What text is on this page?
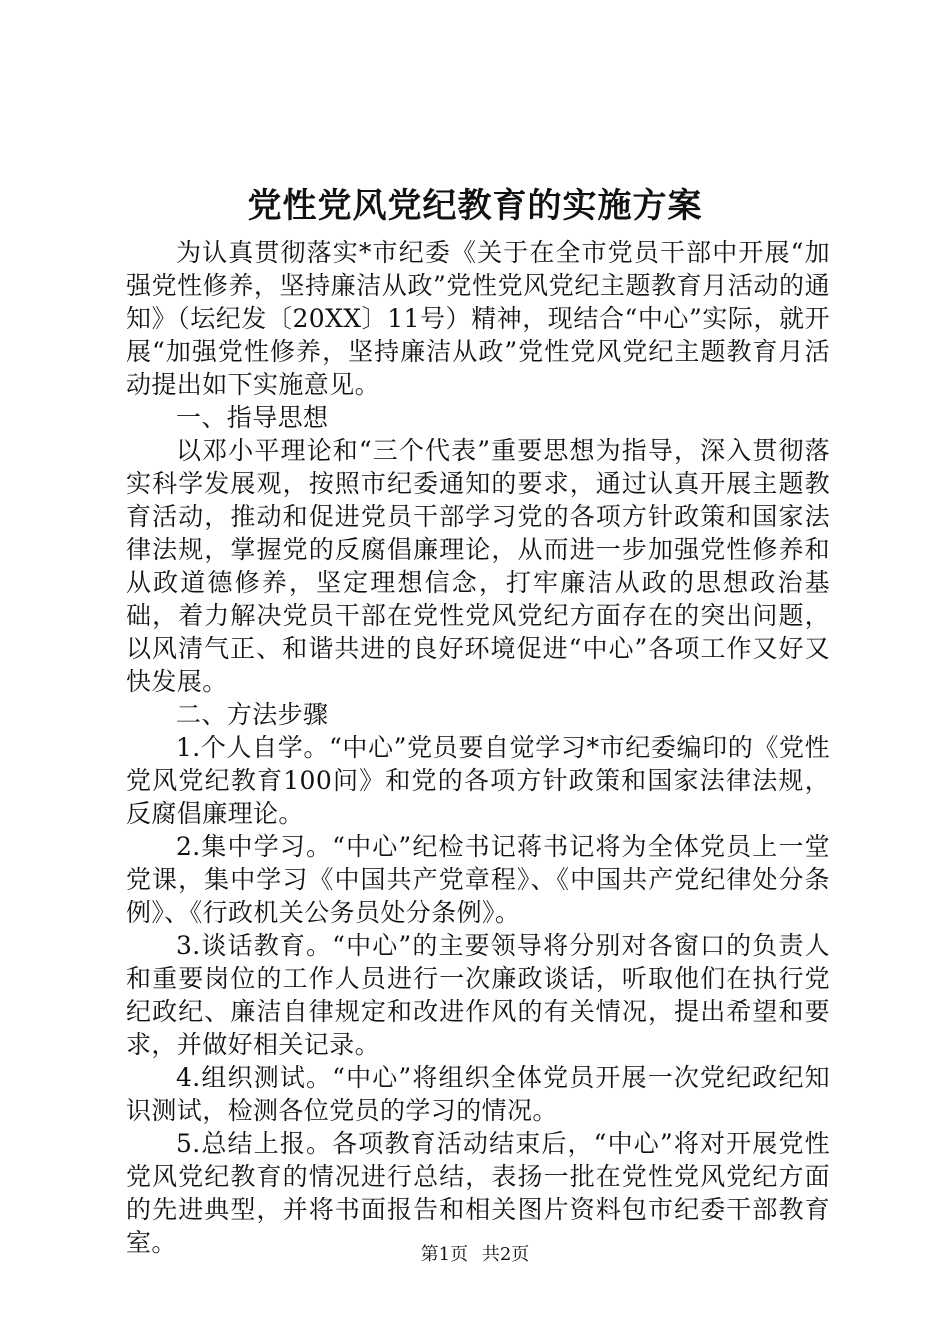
党性党风党纪教育的实施方案

为认真贯彻落实*市纪委《关于在全市党员干部中开展“加强党性修养，坚持廉洁从政”党性党风党纪主题教育月活动的通知》（坛纪发〔20XX〕11号）精神，现结合“中心”实际，就开展“加强党性修养，坚持廉洁从政”党性党风党纪主题教育月活动提出如下实施意见。

一、指导思想

以邓小平理论和“三个代表”重要思想为指导，深入贯彻落实科学发展观，按照市纪委通知的要求，通过认真开展主题教育活动，推动和促进党员干部学习党的各项方针政策和国家法律法规，掌握党的反腐倡廉理论，从而进一步加强党性修养和从政道德修养，坚定理想信念，打牢廉洁从政的思想政治基础，着力解决党员干部在党性党风党纪方面存在的突出问题，以风清气正、和谐共进的良好环境促进“中心”各项工作又好又快发展。

二、方法步骤

1.个人自学。“中心”党员要自觉学习*市纪委编印的《党性党风党纪教育100问》和党的各项方针政策和国家法律法规，反腐倡廉理论。

2.集中学习。“中心”纪检书记蒋书记将为全体党员上一堂党课，集中学习《中国共产党章程》、《中国共产党纪律处分条例》、《行政机关公务员处分条例》。

3.谈话教育。“中心”的主要领导将分别对各窗口的负责人和重要岗位的工作人员进行一次廉政谈话，听取他们在执行党纪政纪、廉洁自律规定和改进作风的有关情况，提出希望和要求，并做好相关记录。

4.组织测试。“中心”将组织全体党员开展一次党纪政纪知识测试，检测各位党员的学习的情况。

5.总结上报。各项教育活动结束后，“中心”将对开展党性党风党纪教育的情况进行总结，表扬一批在党性党风党纪方面的先进典型，并将书面报告和相关图片资料包市纪委干部教育室。	第1页 共2页
